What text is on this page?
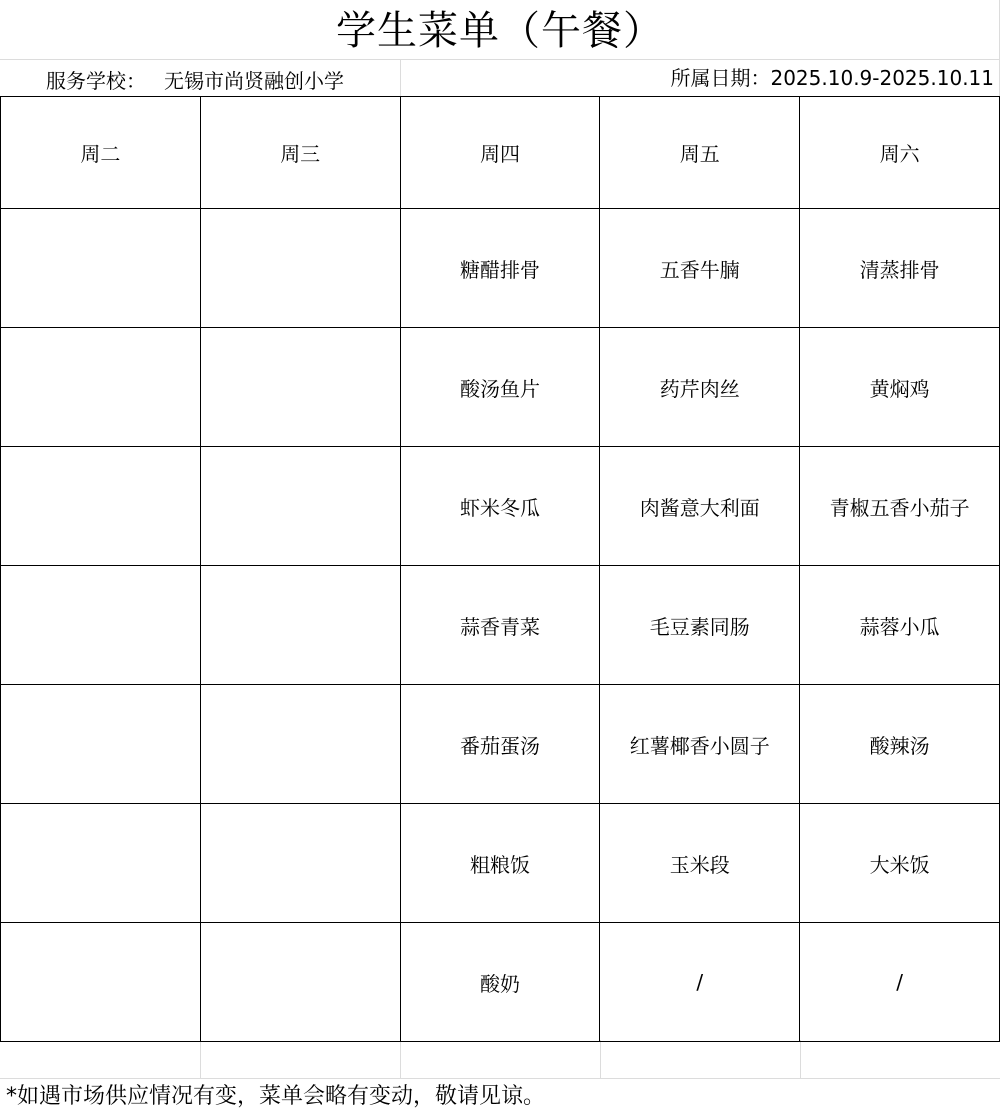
学生菜单（午餐）
服务学校： 无锡市尚贤融创小学	所属日期：2025.10.9-2025.10.11
周二	周三	周四	周五	周六
		糖醋排骨	五香牛腩	清蒸排骨
		酸汤鱼片	药芹肉丝	黄焖鸡
		虾米冬瓜	肉酱意大利面	青椒五香小茄子
		蒜香青菜	毛豆素同肠	蒜蓉小瓜
		番茄蛋汤	红薯椰香小圆子	酸辣汤
		粗粮饭	玉米段	大米饭
		酸奶	/	/
*如遇市场供应情况有变，菜单会略有变动，敬请见谅。
